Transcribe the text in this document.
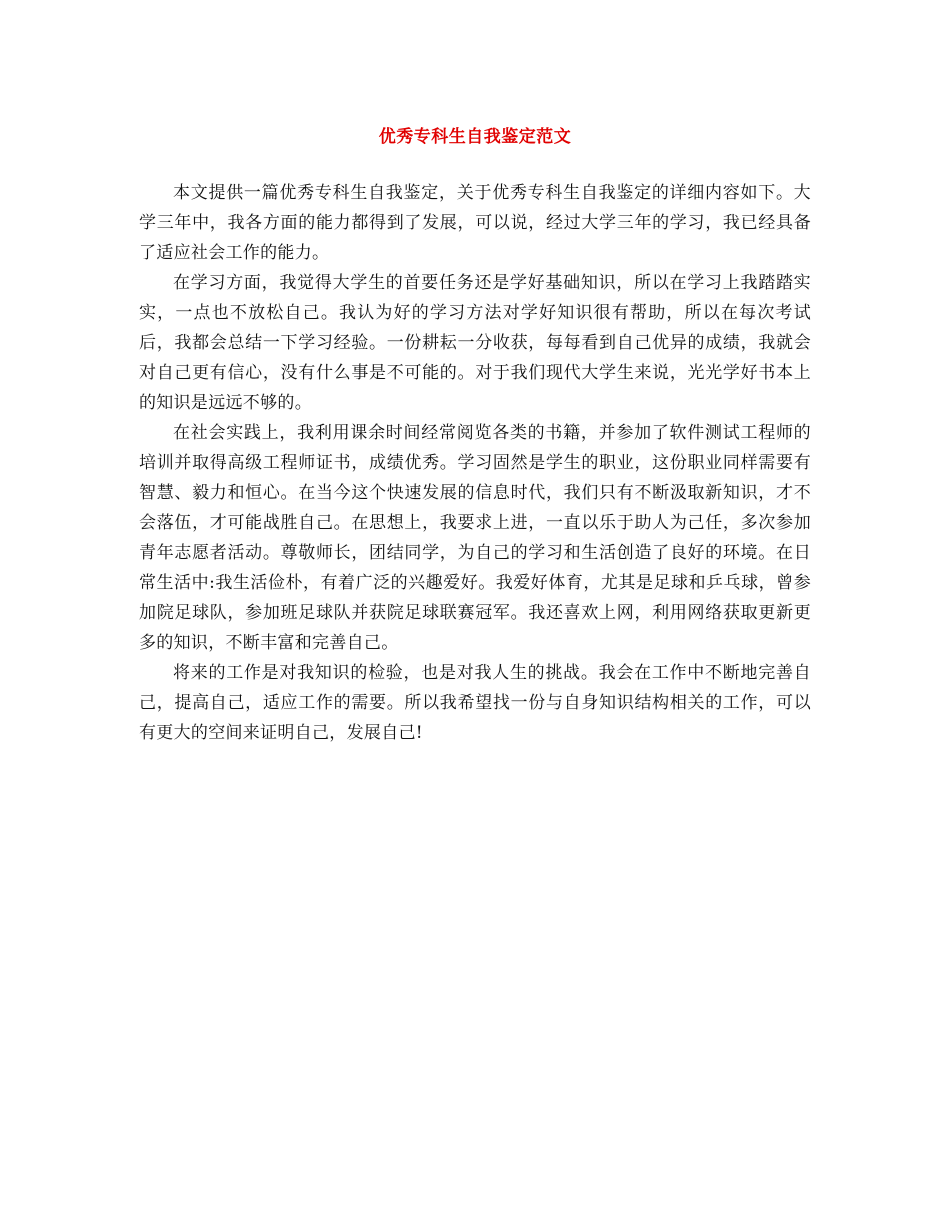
优秀专科生自我鉴定范文

本文提供一篇优秀专科生自我鉴定，关于优秀专科生自我鉴定的详细内容如下。大学三年中，我各方面的能力都得到了发展，可以说，经过大学三年的学习，我已经具备了适应社会工作的能力。

在学习方面，我觉得大学生的首要任务还是学好基础知识，所以在学习上我踏踏实实，一点也不放松自己。我认为好的学习方法对学好知识很有帮助，所以在每次考试后，我都会总结一下学习经验。一份耕耘一分收获，每每看到自己优异的成绩，我就会对自己更有信心，没有什么事是不可能的。对于我们现代大学生来说，光光学好书本上的知识是远远不够的。

在社会实践上，我利用课余时间经常阅览各类的书籍，并参加了软件测试工程师的培训并取得高级工程师证书，成绩优秀。学习固然是学生的职业，这份职业同样需要有智慧、毅力和恒心。在当今这个快速发展的信息时代，我们只有不断汲取新知识，才不会落伍，才可能战胜自己。在思想上，我要求上进，一直以乐于助人为己任，多次参加青年志愿者活动。尊敬师长，团结同学，为自己的学习和生活创造了良好的环境。在日常生活中:我生活俭朴，有着广泛的兴趣爱好。我爱好体育，尤其是足球和乒乓球，曾参加院足球队，参加班足球队并获院足球联赛冠军。我还喜欢上网，利用网络获取更新更多的知识，不断丰富和完善自己。

将来的工作是对我知识的检验，也是对我人生的挑战。我会在工作中不断地完善自己，提高自己，适应工作的需要。所以我希望找一份与自身知识结构相关的工作，可以有更大的空间来证明自己，发展自己!
